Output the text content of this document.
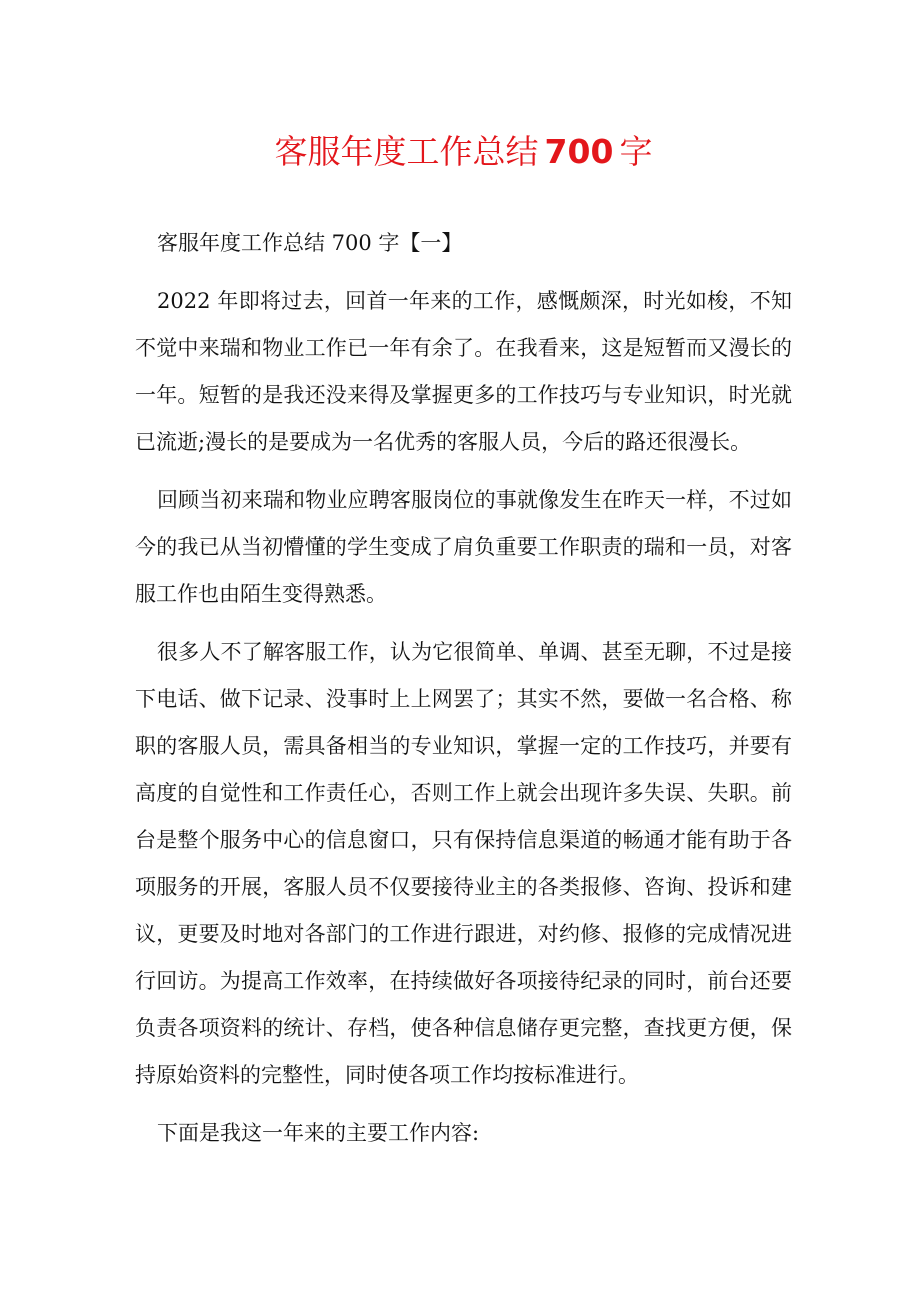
客服年度工作总结 700 字

客服年度工作总结 700 字【一】

2022 年即将过去，回首一年来的工作，感慨颇深，时光如梭，不知不觉中来瑞和物业工作已一年有余了。在我看来，这是短暂而又漫长的一年。短暂的是我还没来得及掌握更多的工作技巧与专业知识，时光就已流逝;漫长的是要成为一名优秀的客服人员，今后的路还很漫长。

回顾当初来瑞和物业应聘客服岗位的事就像发生在昨天一样，不过如今的我已从当初懵懂的学生变成了肩负重要工作职责的瑞和一员，对客服工作也由陌生变得熟悉。

很多人不了解客服工作，认为它很简单、单调、甚至无聊，不过是接下电话、做下记录、没事时上上网罢了；其实不然，要做一名合格、称职的客服人员，需具备相当的专业知识，掌握一定的工作技巧，并要有高度的自觉性和工作责任心，否则工作上就会出现许多失误、失职。前台是整个服务中心的信息窗口，只有保持信息渠道的畅通才能有助于各项服务的开展，客服人员不仅要接待业主的各类报修、咨询、投诉和建议，更要及时地对各部门的工作进行跟进，对约修、报修的完成情况进行回访。为提高工作效率，在持续做好各项接待纪录的同时，前台还要负责各项资料的统计、存档，使各种信息储存更完整，查找更方便，保持原始资料的完整性，同时使各项工作均按标准进行。

下面是我这一年来的主要工作内容:
